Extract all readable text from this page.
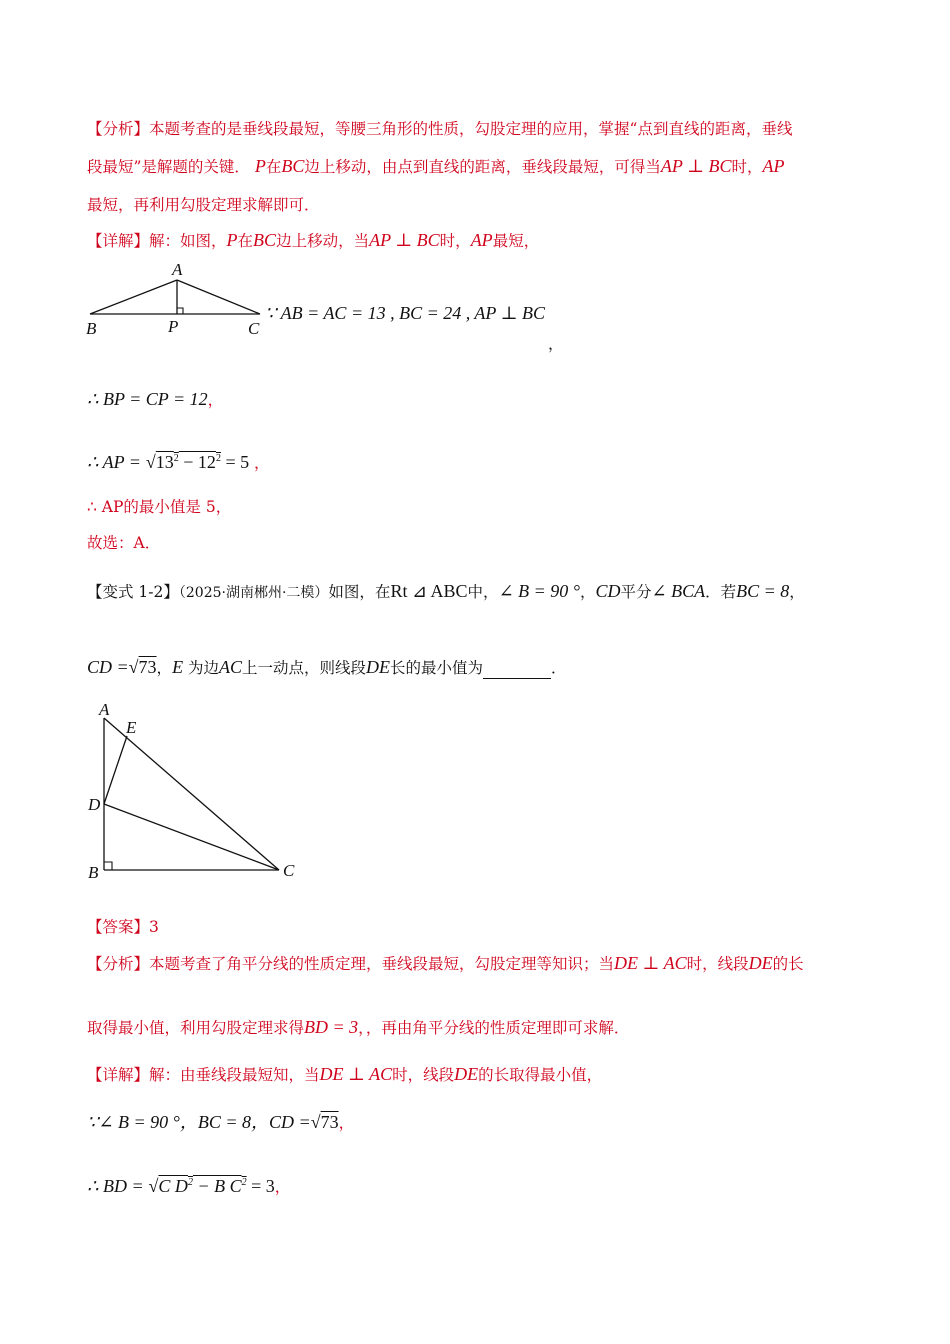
【分析】本题考查的是垂线段最短，等腰三角形的性质，勾股定理的应用，掌握“点到直线的距离，垂线
段最短”是解题的关键． P在BC边上移动，由点到直线的距离，垂线段最短，可得当AP ⊥ BC时，AP
最短，再利用勾股定理求解即可．
【详解】解：如图，P在BC边上移动，当AP ⊥ BC时，AP最短，
A
B	P	C
∵ AB = AC = 13 , BC = 24 , AP ⊥ BC
，
∴ BP = CP = 12，
∴ AP = $√13^2 - 12^2 = 5$ ，
∴ AP的最小值是 5，
故选：A．
【变式 1-2】（2025·湖南郴州·二模）如图，在Rt ⊿ ABC中，∠ B = 90 °，CD平分∠ BCA．若BC = 8，
CD =√73，E 为边AC上一动点，则线段DE长的最小值为	．
A
E
D
B	C
【答案】3
【分析】本题考查了角平分线的性质定理，垂线段最短，勾股定理等知识；当DE ⊥ AC时，线段DE的长
取得最小值，利用勾股定理求得BD = 3，，再由角平分线的性质定理即可求解．
【详解】解：由垂线段最短知，当DE ⊥ AC时，线段DE的长取得最小值，
∵∠ B = 90 °，BC = 8，CD =√73，
∴ BD = √C $D^2 - B$ $C^2 = 3$，
